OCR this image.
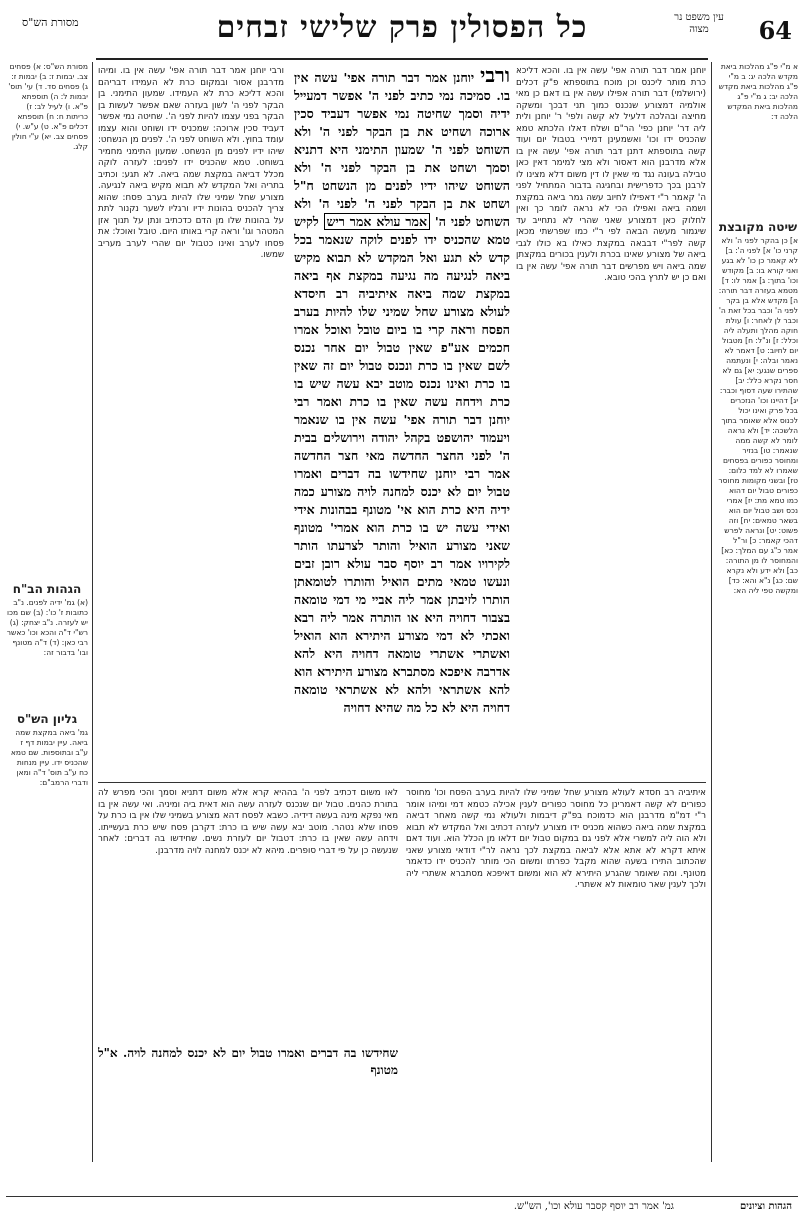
64
עין משפט נר מצוה
כל הפסולין פרק שלישי זבחים
מסורת הש"ס
א מ"י פ"ג מהלכות ביאת מקדש הלכה יג: ב מ"י פ"ג מהלכות ביאת מקדש הלכה יב: ג מ"י פ"ג מהלכות ביאת המקדש הלכה ד:
שיטה מקובצת
א] כן בהקר לפני ה' ולא קרני כו' א] לפני ה': ב] לא קאמר כן כו' לא בגע ואני קורא בו: ב] מקודש וכו' בתוך: ג] אמר לו: ד] מטמא בעזרה דבר תורה: ה] מקדש אלא בן בקר לפני ה' וכבר בכל זאת ה' וכבר לן לאחר: ו] עולת חוקה מהלך ותעלה ליה וכלל: ז] ונ"ל: ח] מטבול יום לחיוב: ט] דאמר לא נאמר ובלה: י] ונעתמה ספרים שנגע: יא] גם לא חסר נקרא כלל: יב] שהתירו שעה דסוף וכבר: יג] דהיינו וכו' הנזכרים בכל פרק ואינו יכול לכנוס אלא שאומר בתוך הלשכה: יד] ולא נראה לומר לא קשה ממה שנאמר: טו] בנזיר ומחוסר כפורים בפסחים שאמרו לא למד כלום: טז] ובשני מקומות מחוסר כפורים טבול יום דהוא כמו טמא מת: יז] אמרי נכס ושב טבול יום הוא בשאר טמאים: יח] וזה פשוט: יט] ונראה לפרש דהכי קאמר: כ] ור"ל אמר כ"ג עם המלך: כא] והמחוסר לו מן התורה: כב] ולא ידע ולא נקרא שם: כג] נ"א והא: כד] ומקשה טפי ליה הא:
מסורת הש"ס: א) פסחים צב. יבמות ז: ב) יבמות ז: ג) פסחים סד. ד) עי' תוס' יבמות ל: ה) תוספתא פ"א. ו) לעיל לב: ז) כריתות ח: ח) תוספתא דכלים פ"א. ט) ע"ש. י) פסחים צב. יא) ע"י חולין קלג.
הגהות הב"ח
(א) גמ' ידיה לפנים. נ"ב כתובות ז' כו': (ב) שם מכו יש לעזרה. נ"ב יצחק: (ג) רש"י ד"ה והכא וכו' כאשר רבי כאן: (ד) ד"ה מטונף ובו' בדבור זה:
גליון הש"ס
גמ' ביאה במקצת שמה ביאה. עיין יבמות דף ז ע"ב ובתוספות. שם טמא שהכניס ידו. עיין מנחות כח ע"ב תוס' ד"ה ומאן ודברי הרמב"ם:

יוחנן אמר דבר תורה אפי' עשה אין בו. והכא דליכא כרת מותר ליכנס וכן מוכח בתוספתא פ"ק דכלים (ירושלמי) דבר תורה אפילו עשה אין בו דאם כן מאי אולמיה דמצורע שנכנס כמוך תני דבכך ומשקה מחיצה ובהלכה דלעיל לא קשה ולפי' ר' יוחנן ולית ליה דר' יוחנן כפי' הר"ם ושלח דאלו הלכתא טמא שהכניס ידו וכו' ואשמעינן דמיירי בטבול יום ועוד קשה בתוספתא דתנן דבר תורה אפי' עשה אין בו אלא מדרבנן הוא דאסור ולא מצי למימר דאין כאן טבילה בעונה נגד מי שאין לו דין משום דלא מצינו לו לרבנן בכך כדפרישית ובחגיגה בדבור המתחיל לפני ה' קאמר ר"י דאפילו לחיוב עשה גמר ביאה במקצת ושמה ביאה ואפילו הכי לא נראה לומר כך ואין לחלוק כאן דמצורע שאני שהרי לא נתחייב עד שיגמור מעשה הבאה לפי ר"י כמו שפרשתי מכאן קשה לפר"י דבבאה במקצת כאילו בא כולו לגבי ביאה של מצורע שאינו בכרת ולענין בכורים במקצתן שמה ביאה ויש מפרשים דבר תורה אפי' עשה אין בו ואם כן יש לתרץ בהכי טובא.

ורבי יוחנן אמר דבר תורה אפי' עשה אין בו. ומיהו מדרבנן אסור ובמקום כרת לא העמידו דבריהם והכא דליכא כרת לא העמידו. שמעון התימני. בן הבקר לפני ה' לשון בעזרה שאם אפשר לעשות בן הבקר בפני עצמו להיות לפני ה'. שחיטה נמי אפשר דעביד סכין ארוכה: שמכניס ידו ושוחט והוא עצמו עומד בחוץ. ולא השוחט לפני ה'. לפנים מן הנשחט: שיהו ידיו לפנים מן הנשחט. שמעון התימני מחמיר בשוחט. טמא שהכניס ידו לפנים: לעזרה לוקה מכלל דביאה במקצת שמה ביאה. לא תגע: וכתיב בתריה ואל המקדש לא תבוא מקיש ביאה לנגיעה. מצורע שחל שמיני שלו להיות בערב פסח: שהוא צריך להכניס בהונות ידיו ורגליו לשער נקנור לתת על בהונות שלו מן הדם כדכתיב ונתן על תנוך אזן המטהר וגו' וראה קרי באותו היום. טובל ואוכל: את פסחו לערב ואינו כטבול יום שהרי לערב מעריב שמשו.

ורבי יוחנן אמר דבר תורה אפי' עשה אין בו. סמיכה נמי כתיב לפני ה' אפשר דמעייל ידיה וסמך שחיטה נמי אפשר דעביד סכין ארוכה ושחיט את בן הבקר לפני ה' ולא השוחט לפני ה' שמעון התימני היא דתניא וסמך ושחט את בן הבקר לפני ה' ולא השוחט שיהו ידיו לפנים מן הנשחט ח"ל ושחט את בן הבקר לפני ה' לפני ה' ולא השוחט לפני ה' אמר עולא אמר ריש לקיש טמא שהכניס ידו לפנים לוקה שנאמר בכל קדש לא תגע ואל המקדש לא תבוא מקיש ביאה לנגיעה מה נגיעה במקצת אף ביאה במקצת שמה ביאה איתיביה רב חיסדא לעולא מצורע שחל שמיני שלו להיות בערב הפסח וראה קרי בו ביום טובל ואוכל אמרו חכמים אע"פ שאין טבול יום אחר נכנס לשם שאין בו כרת ונכנס טבול יום זה שאין בו כרת ואינו נכנס מוטב יבא עשה שיש בו כרת וידחה עשה שאין בו כרת ואמר רבי יוחנן דבר תורה אפי' עשה אין בו שנאמר ויעמוד יהושפט בקהל יהודה וירושלים בבית ה' לפני החצר החדשה מאי חצר החדשה אמר רבי יוחנן שחידשו בה דברים ואמרו טבול יום לא יכנס למחנה לויה מצורע כמה ידיה היא כרת הוא אי' מטונף בבהונות אידי ואידי עשה יש בו כרת הוא אמרי' מטונף שאני מצורע הואיל והותר לצרעתו הותר לקירויו אמר רב יוסף סבר עולא רובן זבים ונעשו טמאי מתים הואיל והותרו לטומאתן הותרו לזיבתן אמר ליה אביי מי דמי טומאה בצבור דחויה היא או הותרה אמר ליה רבא ואכתי לא דמי מצורע היתירא הוא הואיל ואשתרי אשתרי טומאה דחויה היא להא אדרבה איפכא מסתברא מצורע היתירא הוא להא אשתראי ולהא לא אשתראי טומאה דחויה היא לא כל מה שהיא דחויה

איתיביה רב חסדא לעולא מצורע שחל שמיני שלו להיות בערב הפסח וכו' מחוסר כפורים לא קשה דאמרינן כל מחוסר כפורים לענין אכילה כטמא דמי ומיהו אומר ר"י דמ"מ מדרבנן הוא כדמוכח בפ"ק דיבמות ולעולא נמי קשה מאחר דביאה במקצת שמה ביאה כשהוא מכניס ידו מצורע לעזרה דכתיב ואל המקדש לא תבוא ולא הוה ליה למשרי אלא לפני גם במקום טבול יום דלאו מן הכלל הוא. ועוד דאם איתא דקרא לא אתא אלא לביאה במקצת לכך נראה לר"י דודאי מצורע שאני שהכתוב התירו בשעה שהוא מקבל כפרתו ומשום הכי מותר להכניס ידו כדאמר מטונף. ומה שאומר שהגרע היתירא לא הוא ומשום דאיפכא מסתברא אשתרי ליה ולכך לענין שאר טומאות לא אשתרי.

לאו משום דכתיב לפני ה' בההיא קרא אלא משום דתניא וסמך והכי מפרש לה בתורת כהנים. טבול יום שנכנס לעזרה עשה הוא דאית ביה ומיניה. ואי עשה אין בו מאי נפקא מינה בעשה דידיה. כשבא לפסח דהא מצורע בשמיני שלו אין בו כרת על פסחו שלא נטהר. מוטב יבא עשה שיש בו כרת: דקרבן פסח שיש כרת בעשייתו. וידחה עשה שאין בו כרת: דטבול יום לעזרת נשים. שחידשו בה דברים: לאחר שנעשה כן על פי דברי סופרים. מיהא לא יכנס למחנה לויה מדרבנן.

שחידשו בה דברים ואמרו טבול יום לא יכנס למחנה לויה. א"ל מטונף

הגהות וציונים
גמ' אמר רב יוסף קסבר עולא וכו', הש"ש.
